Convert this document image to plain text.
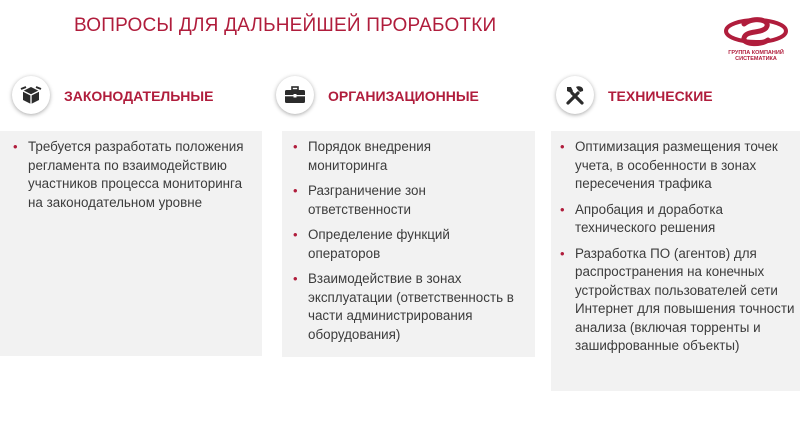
ВОПРОСЫ ДЛЯ ДАЛЬНЕЙШЕЙ ПРОРАБОТКИ
ГРУППА КОМПАНИЙ
СИСТЕМАТИКА
ЗАКОНОДАТЕЛЬНЫЕ
• Требуется разработать положения регламента по взаимодействию участников процесса мониторинга на законодательном уровне
ОРГАНИЗАЦИОННЫЕ
• Порядок внедрения мониторинга
• Разграничение зон ответственности
• Определение функций операторов
• Взаимодействие в зонах эксплуатации (ответственность в части администрирования оборудования)
ТЕХНИЧЕСКИЕ
• Оптимизация размещения точек учета, в особенности в зонах пересечения трафика
• Апробация и доработка технического решения
• Разработка ПО (агентов) для распространения на конечных устройствах пользователей сети Интернет для повышения точности анализа (включая торренты и зашифрованные объекты)
